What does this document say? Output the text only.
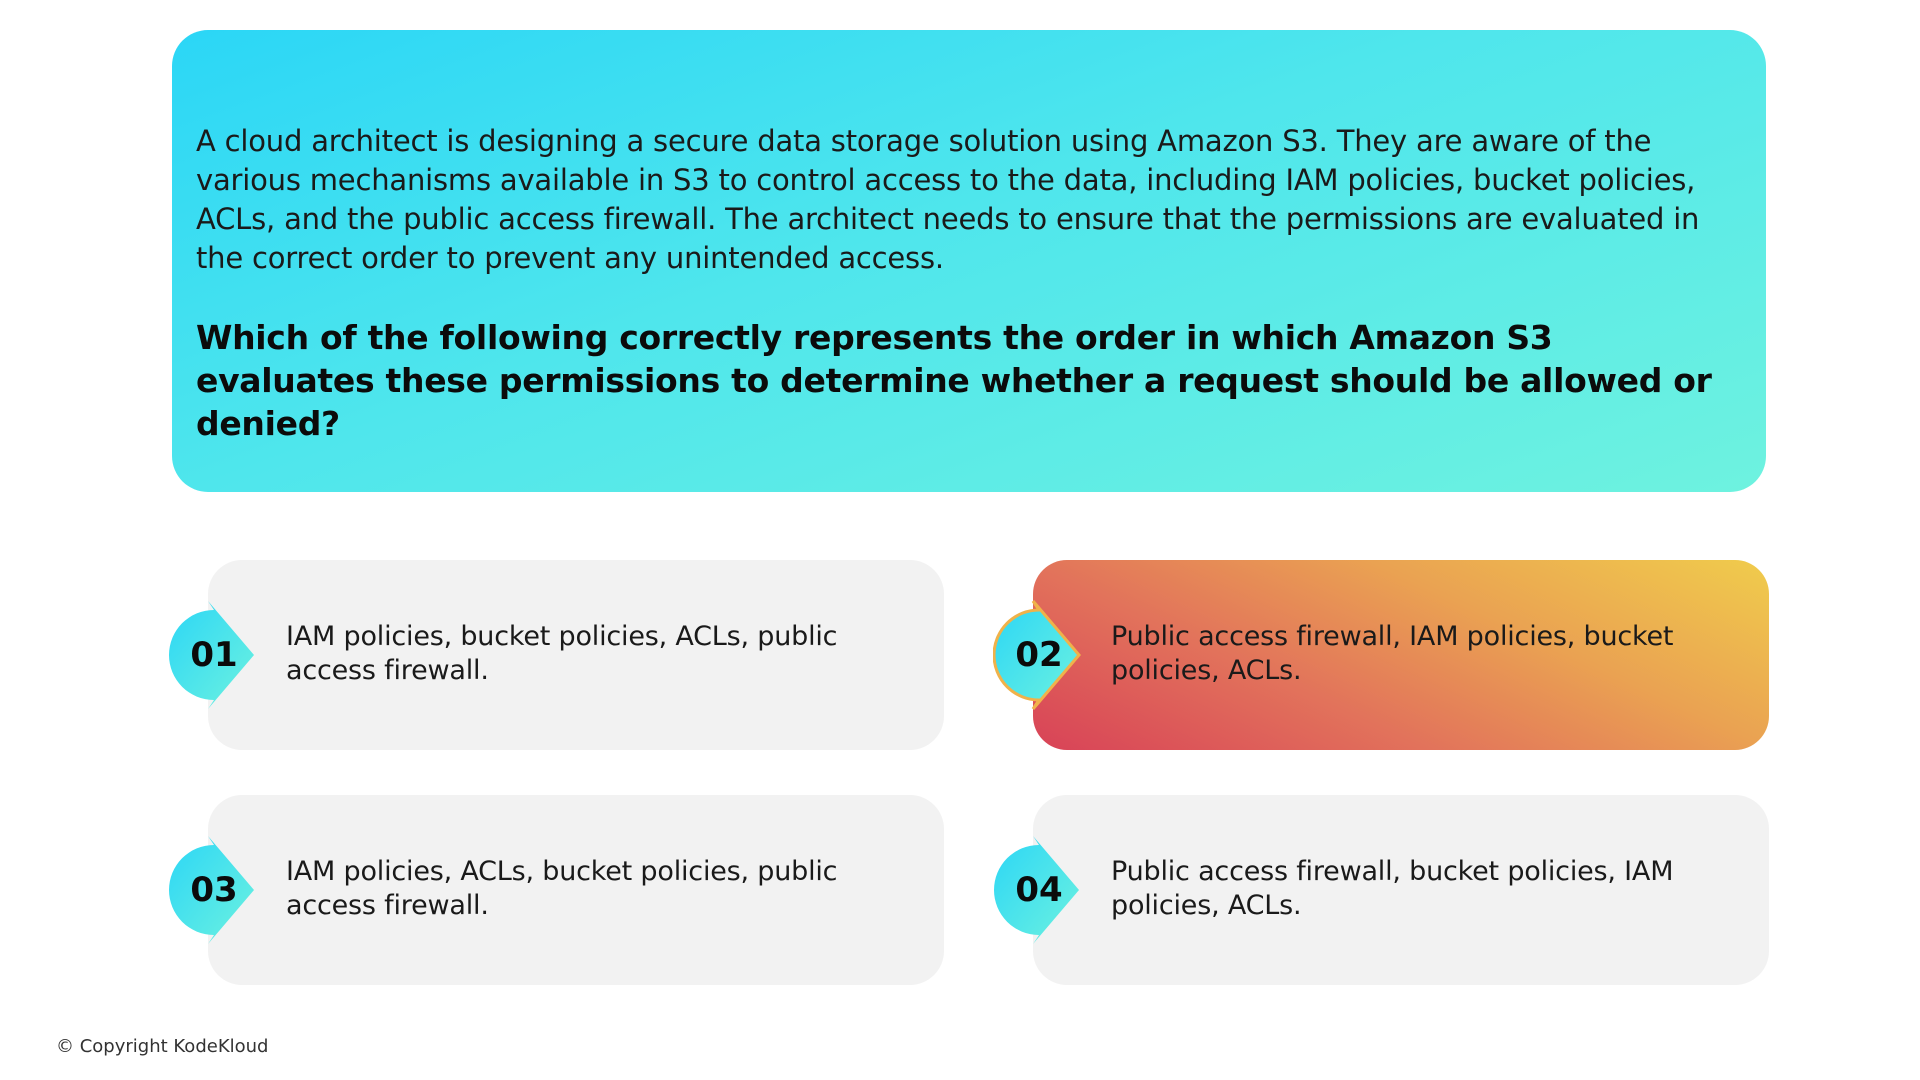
A cloud architect is designing a secure data storage solution using Amazon S3. They are aware of the various mechanisms available in S3 to control access to the data, including IAM policies, bucket policies, ACLs, and the public access firewall. The architect needs to ensure that the permissions are evaluated in the correct order to prevent any unintended access.

Which of the following correctly represents the order in which Amazon S3 evaluates these permissions to determine whether a request should be allowed or denied?

01	IAM policies, bucket policies, ACLs, public access firewall.	02	Public access firewall, IAM policies, bucket policies, ACLs.
03	IAM policies, ACLs, bucket policies, public access firewall.	04	Public access firewall, bucket policies, IAM policies, ACLs.
© Copyright KodeKloud
